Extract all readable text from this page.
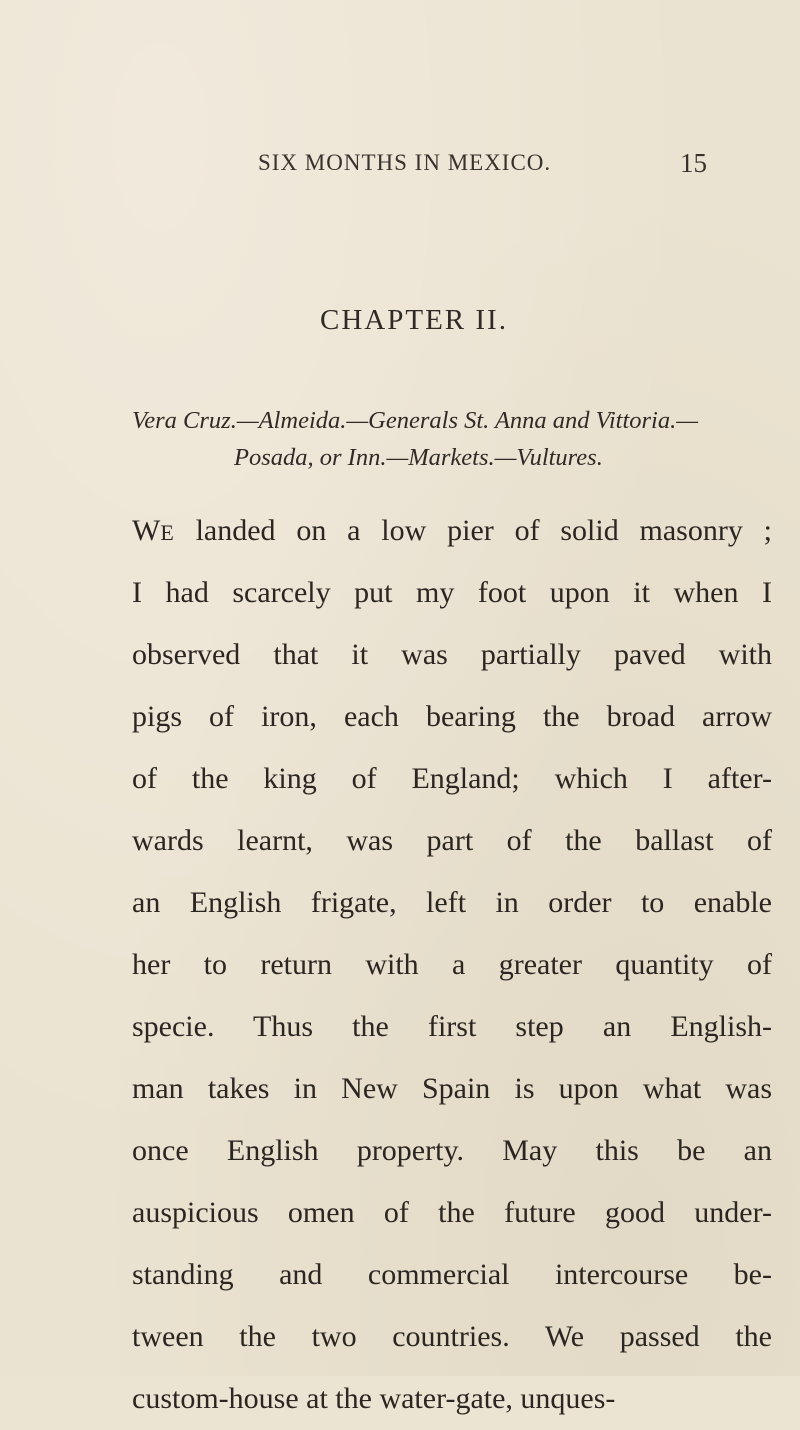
SIX MONTHS IN MEXICO.	15
CHAPTER II.
Vera Cruz.—Almeida.—Generals St. Anna and Vittoria.—
Posada, or Inn.—Markets.—Vultures.
WE landed on a low pier of solid masonry ;
I had scarcely put my foot upon it when I
observed that it was partially paved with
pigs of iron, each bearing the broad arrow
of the king of England; which I after-
wards learnt, was part of the ballast of
an English frigate, left in order to enable
her to return with a greater quantity of
specie. Thus the first step an English-
man takes in New Spain is upon what was
once English property. May this be an
auspicious omen of the future good under-
standing and commercial intercourse be-
tween the two countries. We passed the
custom-house at the water-gate, unques-
